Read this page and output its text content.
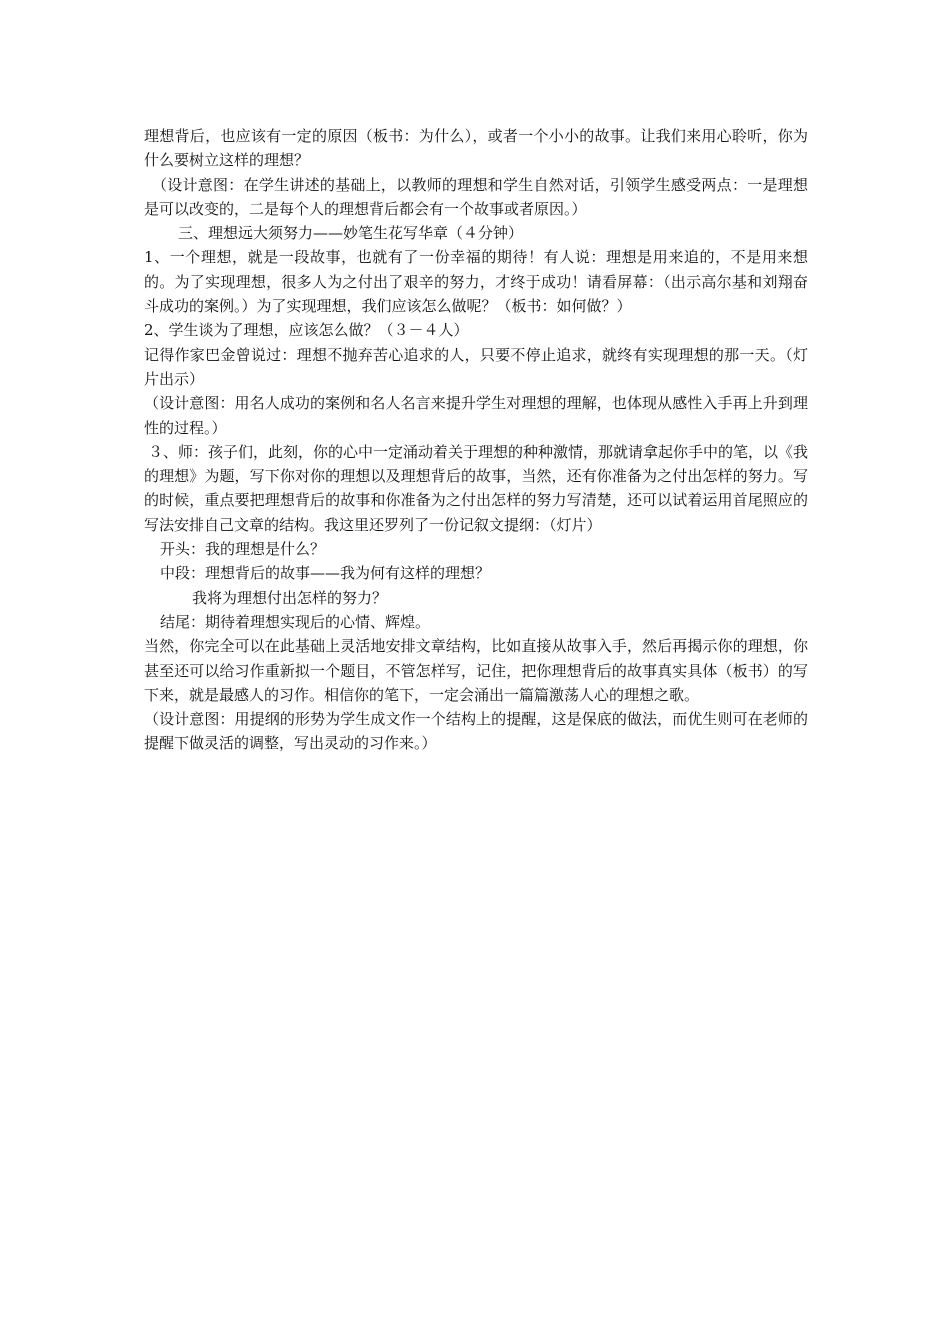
理想背后，也应该有一定的原因（板书：为什么），或者一个小小的故事。让我们来用心聆听，你为什么要树立这样的理想？

（设计意图：在学生讲述的基础上，以教师的理想和学生自然对话，引领学生感受两点：一是理想是可以改变的，二是每个人的理想背后都会有一个故事或者原因。）

三、理想远大须努力——妙笔生花写华章（４分钟）

1、一个理想，就是一段故事，也就有了一份幸福的期待！有人说：理想是用来追的，不是用来想的。为了实现理想，很多人为之付出了艰辛的努力，才终于成功！请看屏幕：（出示高尔基和刘翔奋斗成功的案例。）为了实现理想，我们应该怎么做呢？（板书：如何做？）

2、学生谈为了理想，应该怎么做？（３－４人）

记得作家巴金曾说过：理想不抛弃苦心追求的人，只要不停止追求，就终有实现理想的那一天。（灯片出示）

（设计意图：用名人成功的案例和名人名言来提升学生对理想的理解，也体现从感性入手再上升到理性的过程。）

３、师：孩子们，此刻，你的心中一定涌动着关于理想的种种激情，那就请拿起你手中的笔，以《我的理想》为题，写下你对你的理想以及理想背后的故事，当然，还有你准备为之付出怎样的努力。写的时候，重点要把理想背后的故事和你准备为之付出怎样的努力写清楚，还可以试着运用首尾照应的写法安排自己文章的结构。我这里还罗列了一份记叙文提纲：（灯片）

开头：我的理想是什么？

中段：理想背后的故事——我为何有这样的理想？

我将为理想付出怎样的努力？

结尾：期待着理想实现后的心情、辉煌。

当然，你完全可以在此基础上灵活地安排文章结构，比如直接从故事入手，然后再揭示你的理想，你甚至还可以给习作重新拟一个题目，不管怎样写，记住，把你理想背后的故事真实具体（板书）的写下来，就是最感人的习作。相信你的笔下，一定会涌出一篇篇激荡人心的理想之歌。

（设计意图：用提纲的形势为学生成文作一个结构上的提醒，这是保底的做法，而优生则可在老师的提醒下做灵活的调整，写出灵动的习作来。）
